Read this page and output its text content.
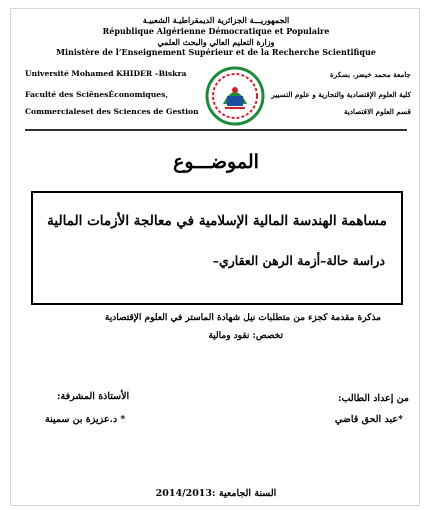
الجمهوريـــة الجزائرية الديمقراطيـة الشعبيـة
République Algérienne Démocratique et Populaire
وزارة التعليم العالي والبحث العلمي
Ministère de l’Enseignement Supérieur et de la Recherche Scientifique
Université Mohamed KHIDER –Biskra
Faculté des SciênesÉconomiques,
Commercialeset des Sciences de Gestion
جامعة محمد خيضر، بسكرة
كلية العلوم الإقتصادية والتجارية و علوم التسيير
قسم العلوم الاقتصادية
الموضـــوع
مساهمة الهندسة المالية الإسلامية في معالجة الأزمات المالية
دراسة حالة–أزمة الرهن العقاري–
مذكرة مقدمة كجزء من متطلبات نيل شهادة الماستر في العلوم الإقتصادية
تخصص: نقود ومالية
من إعداد الطالب:
*عبد الحق قاضي
الأستاذة المشرفة:
* د.عزيزة بن سمينة
السنة الجامعية :2014/2013
